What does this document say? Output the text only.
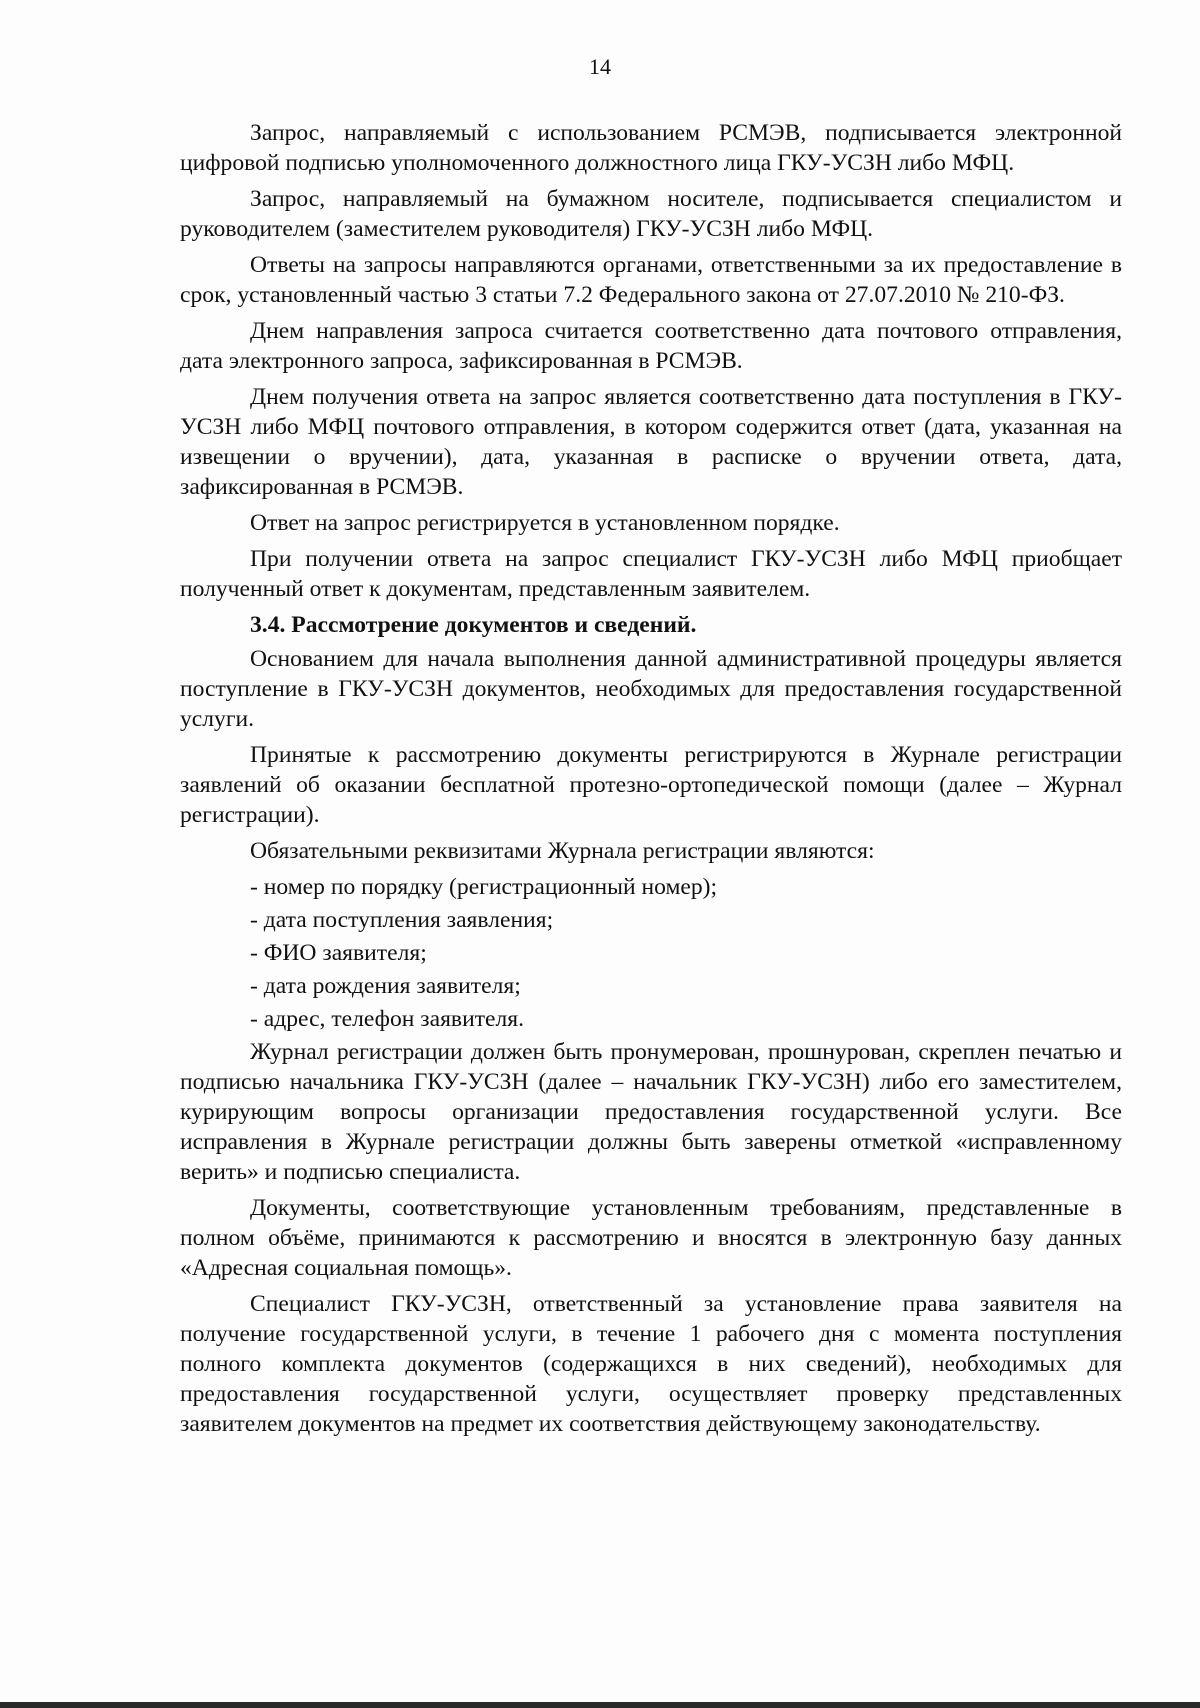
14

Запрос, направляемый с использованием РСМЭВ, подписывается электронной цифровой подписью уполномоченного должностного лица ГКУ-УСЗН либо МФЦ.

Запрос, направляемый на бумажном носителе, подписывается специалистом и руководителем (заместителем руководителя) ГКУ-УСЗН либо МФЦ.

Ответы на запросы направляются органами, ответственными за их предоставление в срок, установленный частью 3 статьи 7.2 Федерального закона от 27.07.2010 № 210-ФЗ.

Днем направления запроса считается соответственно дата почтового отправления, дата электронного запроса, зафиксированная в РСМЭВ.

Днем получения ответа на запрос является соответственно дата поступления в ГКУ-УСЗН либо МФЦ почтового отправления, в котором содержится ответ (дата, указанная на извещении о вручении), дата, указанная в расписке о вручении ответа, дата, зафиксированная в РСМЭВ.

Ответ на запрос регистрируется в установленном порядке.

При получении ответа на запрос специалист ГКУ-УСЗН либо МФЦ приобщает полученный ответ к документам, представленным заявителем.

3.4. Рассмотрение документов и сведений.

Основанием для начала выполнения данной административной процедуры является поступление в ГКУ-УСЗН документов, необходимых для предоставления государственной услуги.

Принятые к рассмотрению документы регистрируются в Журнале регистрации заявлений об оказании бесплатной протезно-ортопедической помощи (далее – Журнал регистрации).

Обязательными реквизитами Журнала регистрации являются:

- номер по порядку (регистрационный номер);
- дата поступления заявления;
- ФИО заявителя;
- дата рождения заявителя;
- адрес, телефон заявителя.

Журнал регистрации должен быть пронумерован, прошнурован, скреплен печатью и подписью начальника ГКУ-УСЗН (далее – начальник ГКУ-УСЗН) либо его заместителем, курирующим вопросы организации предоставления государственной услуги. Все исправления в Журнале регистрации должны быть заверены отметкой «исправленному верить» и подписью специалиста.

Документы, соответствующие установленным требованиям, представленные в полном объёме, принимаются к рассмотрению и вносятся в электронную базу данных «Адресная социальная помощь».

Специалист ГКУ-УСЗН, ответственный за установление права заявителя на получение государственной услуги, в течение 1 рабочего дня с момента поступления полного комплекта документов (содержащихся в них сведений), необходимых для предоставления государственной услуги, осуществляет проверку представленных заявителем документов на предмет их соответствия действующему законодательству.
